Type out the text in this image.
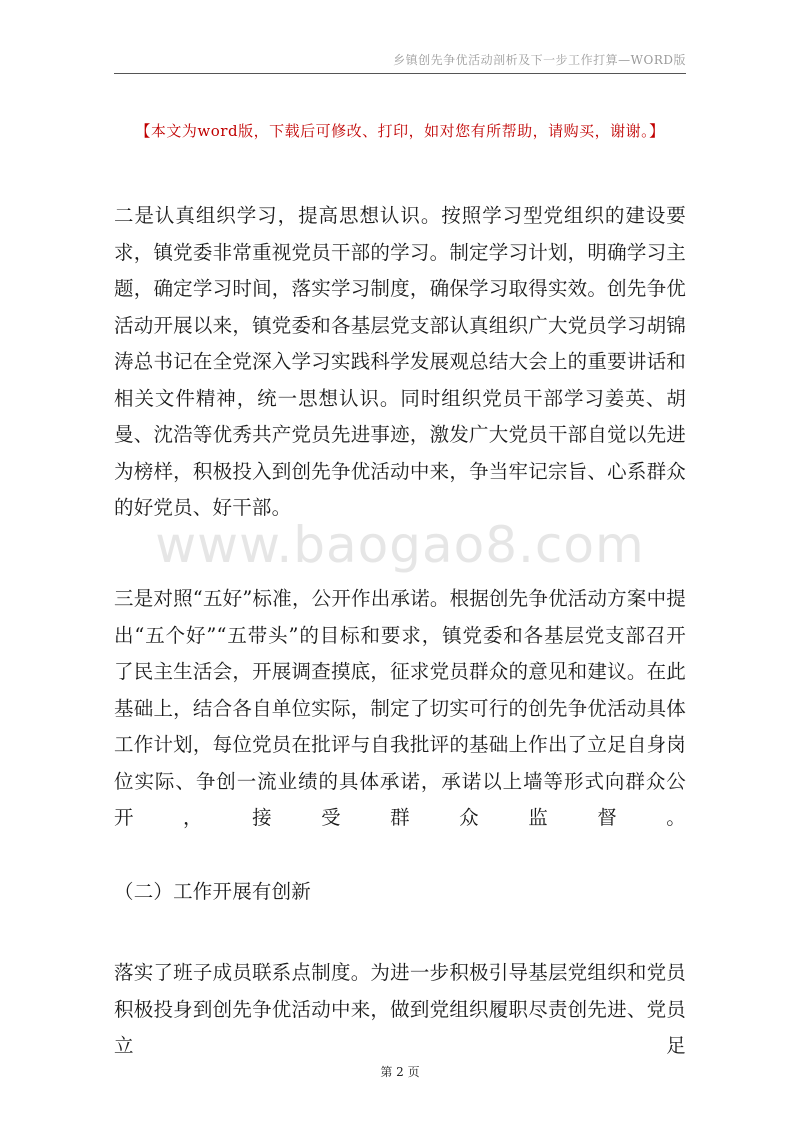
乡镇创先争优活动剖析及下一步工作打算—WORD版
【本文为word版，下载后可修改、打印，如对您有所帮助，请购买，谢谢。】

二是认真组织学习，提高思想认识。按照学习型党组织的建设要求，镇党委非常重视党员干部的学习。制定学习计划，明确学习主题，确定学习时间，落实学习制度，确保学习取得实效。创先争优活动开展以来，镇党委和各基层党支部认真组织广大党员学习胡锦涛总书记在全党深入学习实践科学发展观总结大会上的重要讲话和相关文件精神，统一思想认识。同时组织党员干部学习姜英、胡曼、沈浩等优秀共产党员先进事迹，激发广大党员干部自觉以先进为榜样，积极投入到创先争优活动中来，争当牢记宗旨、心系群众的好党员、好干部。

www.baogao8.com

三是对照“五好”标准，公开作出承诺。根据创先争优活动方案中提出“五个好”“五带头”的目标和要求，镇党委和各基层党支部召开了民主生活会，开展调查摸底，征求党员群众的意见和建议。在此基础上，结合各自单位实际，制定了切实可行的创先争优活动具体工作计划，每位党员在批评与自我批评的基础上作出了立足自身岗位实际、争创一流业绩的具体承诺，承诺以上墙等形式向群众公开，接受群众监督。

（二）工作开展有创新

落实了班子成员联系点制度。为进一步积极引导基层党组织和党员积极投身到创先争优活动中来，做到党组织履职尽责创先进、党员立足

第 2 页
